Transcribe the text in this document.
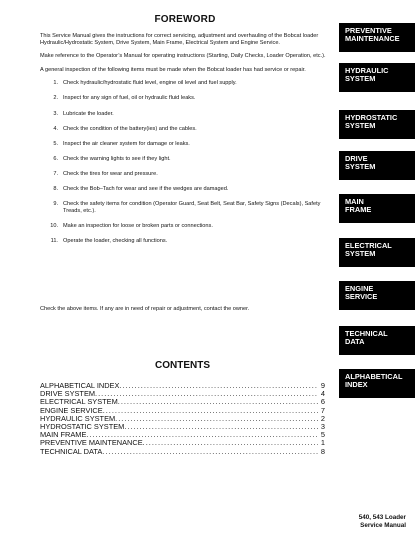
FOREWORD

This Service Manual gives the instructions for correct servicing, adjustment and overhauling of the Bobcat loader Hydraulic/Hydrostatic System, Drive System, Main Frame, Electrical System and Engine Service.

Make reference to the Operator’s Manual for operating instructions (Starting, Daily Checks, Loader Operation, etc.).

A general inspection of the following items must be made when the Bobcat loader has had service or repair.

1. Check hydraulic/hydrostatic fluid level, engine oil level and fuel supply.
2. Inspect for any sign of fuel, oil or hydraulic fluid leaks.
3. Lubricate the loader.
4. Check the condition of the battery(ies) and the cables.
5. Inspect the air cleaner system for damage or leaks.
6. Check the warning lights to see if they light.
7. Check the tires for wear and pressure.
8. Check the Bob–Tach for wear and see if the wedges are damaged.
9. Check the safety items for condition (Operator Guard, Seat Belt, Seat Bar, Safety Signs (Decals), Safety Treads, etc.).
10. Make an inspection for loose or broken parts or connections.
11. Operate the loader, checking all functions.
Check the above items. If any are in need of repair or adjustment, contact the owner.
CONTENTS
ALPHABETICAL INDEX .....	9
DRIVE SYSTEM .....	4
ELECTRICAL SYSTEM .....	6
ENGINE SERVICE .....	7
HYDRAULIC SYSTEM .....	2
HYDROSTATIC SYSTEM .....	3
MAIN FRAME .....	5
PREVENTIVE MAINTENANCE .....	1
TECHNICAL DATA .....	8
PREVENTIVE
MAINTENANCE
HYDRAULIC
SYSTEM
HYDROSTATIC
SYSTEM
DRIVE
SYSTEM
MAIN
FRAME
ELECTRICAL
SYSTEM
ENGINE
SERVICE
TECHNICAL
DATA
ALPHABETICAL
INDEX
540, 543 Loader
Service Manual
